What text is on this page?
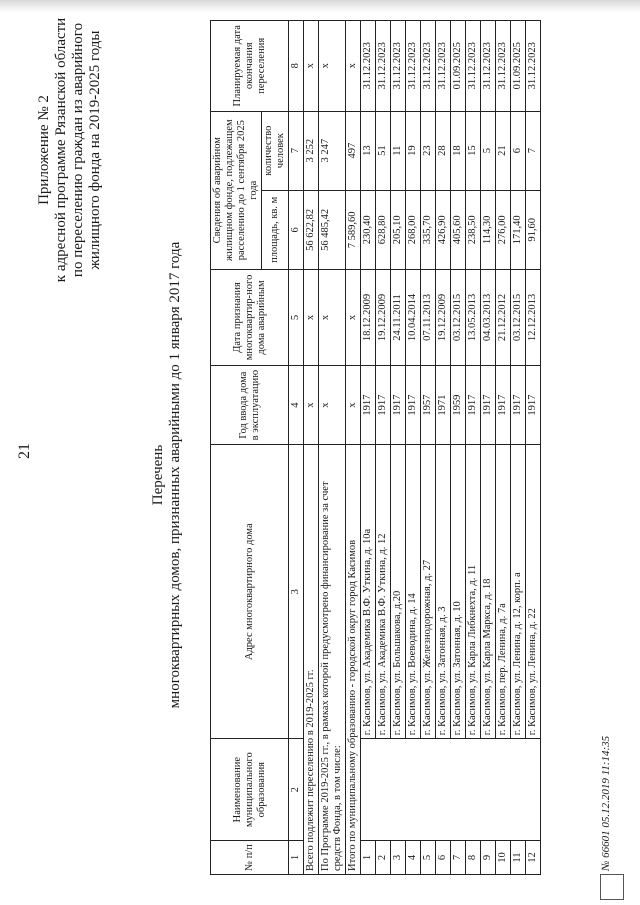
21
Приложение № 2 к адресной программе Рязанской области по переселению граждан из аварийного жилищного фонда на 2019-2025 годы
Перечень многоквартирных домов, признанных аварийными до 1 января 2017 года
№ п/п	Наименование муниципального образования	Адрес многоквартирного дома	Год ввода дома в эксплуатацию	Дата признания многоквартир-ного дома аварийным	Сведения об аварийном жилищном фонде, подлежащем расселению до 1 сентября 2025 года		Планируемая дата окончания переселения
					площадь, кв. м	количество человек	
1	2	3	4	5	6	7	8
Всего подлежит переселению в 2019-2025 гг.			х	х	56 622,82	3 252	х
По Программе 2019-2025 гг., в рамках которой предусмотрено финансирование за счет средств Фонда, в том числе:			х	х	56 485,42	3 247	х
Итого по муниципальному образованию - городской округ город Касимов			х	х	7 589,60	497	х
1		г. Касимов, ул. Академика В.Ф. Уткина, д. 10а	1917	18.12.2009	230,40	13	31.12.2023
2		г. Касимов, ул. Академика В.Ф. Уткина, д. 12	1917	19.12.2009	628,80	51	31.12.2023
3		г. Касимов, ул. Большакова, д.20	1917	24.11.2011	205,10	11	31.12.2023
4		г. Касимов, ул. Воеводина, д. 14	1917	10.04.2014	268,00	19	31.12.2023
5		г. Касимов, ул. Железнодорожная, д. 27	1957	07.11.2013	335,70	23	31.12.2023
6		г. Касимов, ул. Затонная, д. 3	1971	19.12.2009	426,90	28	31.12.2023
7		г. Касимов, ул. Затонная, д. 10	1959	03.12.2015	405,60	18	01.09.2025
8		г. Касимов, ул. Карла Либкнехта, д. 11	1917	13.05.2013	238,50	15	31.12.2023
9		г. Касимов, ул. Карла Маркса, д. 18	1917	04.03.2013	114,30	5	31.12.2023
10		г. Касимов, пер. Ленина, д. 7а	1917	21.12.2012	276,00	21	31.12.2023
11		г. Касимов, ул. Ленина, д. 12, корп. а	1917	03.12.2015	171,40	6	01.09.2025
12		г. Касимов, ул. Ленина, д. 22	1917	12.12.2013	91,60	7	31.12.2023
№ 66601 05.12.2019 11:14:35
